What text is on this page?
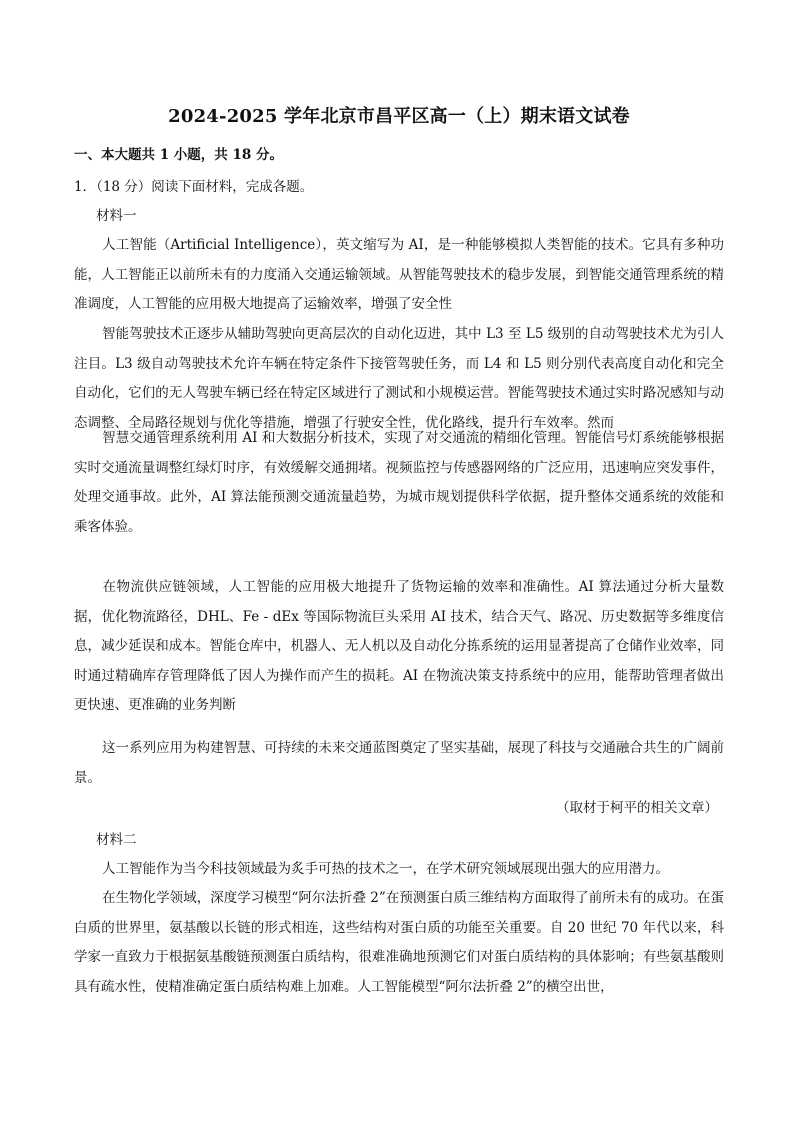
2024-2025 学年北京市昌平区高一（上）期末语文试卷
一、本大题共 1 小题，共 18 分。
1．（18 分）阅读下面材料，完成各题。
材料一
人工智能（Artificial Intelligence），英文缩写为 AI，是一种能够模拟人类智能的技术。它具有多种功能，人工智能正以前所未有的力度涌入交通运输领域。从智能驾驶技术的稳步发展，到智能交通管理系统的精准调度，人工智能的应用极大地提高了运输效率，增强了安全性
智能驾驶技术正逐步从辅助驾驶向更高层次的自动化迈进，其中 L3 至 L5 级别的自动驾驶技术尤为引人注目。L3 级自动驾驶技术允许车辆在特定条件下接管驾驶任务，而 L4 和 L5 则分别代表高度自动化和完全自动化，它们的无人驾驶车辆已经在特定区域进行了测试和小规模运营。智能驾驶技术通过实时路况感知与动态调整、全局路径规划与优化等措施，增强了行驶安全性，优化路线，提升行车效率。然而
智慧交通管理系统利用 AI 和大数据分析技术，实现了对交通流的精细化管理。智能信号灯系统能够根据实时交通流量调整红绿灯时序，有效缓解交通拥堵。视频监控与传感器网络的广泛应用，迅速响应突发事件，处理交通事故。此外，AI 算法能预测交通流量趋势，为城市规划提供科学依据，提升整体交通系统的效能和乘客体验。
在物流供应链领域，人工智能的应用极大地提升了货物运输的效率和准确性。AI 算法通过分析大量数据，优化物流路径，DHL、Fe - dEx 等国际物流巨头采用 AI 技术，结合天气、路况、历史数据等多维度信息，减少延误和成本。智能仓库中，机器人、无人机以及自动化分拣系统的运用显著提高了仓储作业效率，同时通过精确库存管理降低了因人为操作而产生的损耗。AI 在物流决策支持系统中的应用，能帮助管理者做出更快速、更准确的业务判断
这一系列应用为构建智慧、可持续的未来交通蓝图奠定了坚实基础，展现了科技与交通融合共生的广阔前景。
（取材于柯平的相关文章）
材料二
人工智能作为当今科技领域最为炙手可热的技术之一，在学术研究领域展现出强大的应用潜力。
在生物化学领域，深度学习模型“阿尔法折叠 2”在预测蛋白质三维结构方面取得了前所未有的成功。在蛋白质的世界里，氨基酸以长链的形式相连，这些结构对蛋白质的功能至关重要。自 20 世纪 70 年代以来，科学家一直致力于根据氨基酸链预测蛋白质结构，很难准确地预测它们对蛋白质结构的具体影响；有些氨基酸则具有疏水性，使精准确定蛋白质结构难上加难。人工智能模型“阿尔法折叠 2”的横空出世，
